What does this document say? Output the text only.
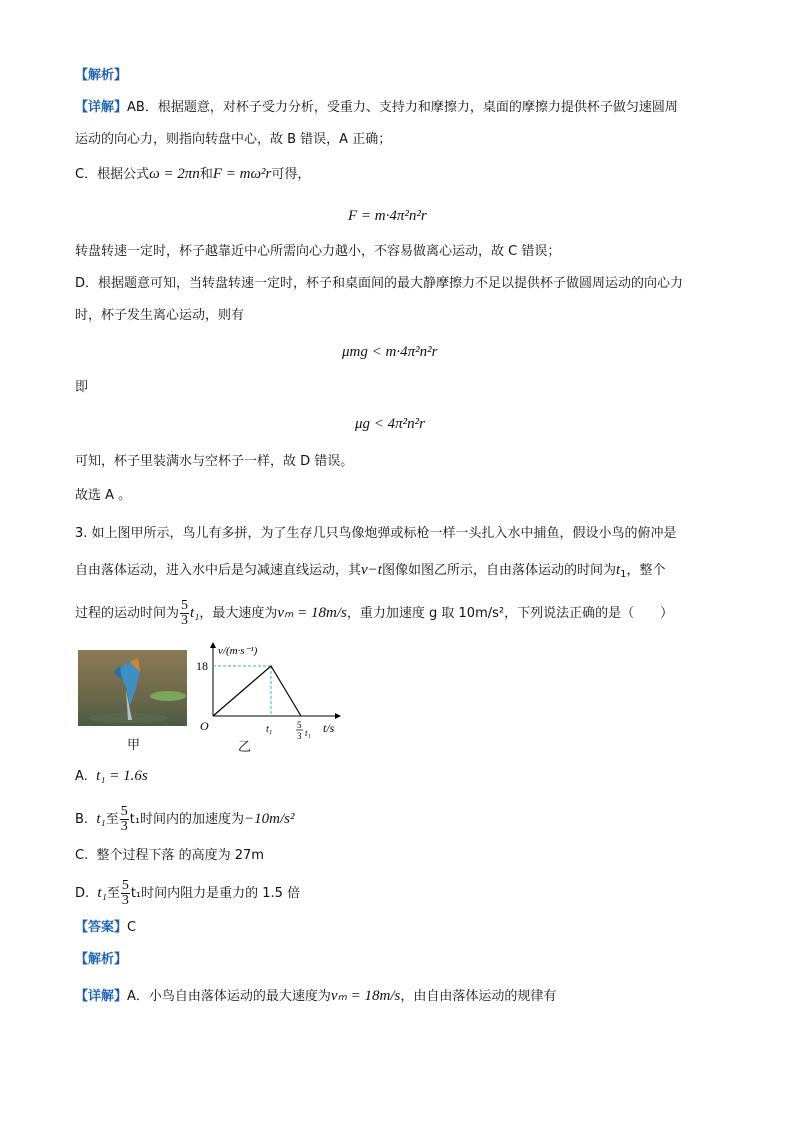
【解析】
【详解】AB．根据题意，对杯子受力分析，受重力、支持力和摩擦力，桌面的摩擦力提供杯子做匀速圆周
运动的向心力，则指向转盘中心，故 B 错误，A 正确；
C．根据公式ω = 2πn和F = mω²r可得，
F = m·4π²n²r
转盘转速一定时，杯子越靠近中心所需向心力越小，不容易做离心运动，故 C 错误；
D．根据题意可知，当转盘转速一定时，杯子和桌面间的最大静摩擦力不足以提供杯子做圆周运动的向心力
时，杯子发生离心运动，则有
μmg < m·4π²n²r
即
μg < 4π²n²r
可知，杯子里装满水与空杯子一样，故 D 错误。
故选 A 。
3. 如上图甲所示，鸟儿有多拼，为了生存几只鸟像炮弹或标枪一样一头扎入水中捕鱼，假设小鸟的俯冲是
自由落体运动，进入水中后是匀减速直线运动，其v−t图像如图乙所示，自由落体运动的时间为$t_1$，整个
过程的运动时间为 $\frac{5}{3} t_1$，最大速度为vₘ = 18m/s，重力加速度 g 取 10m/s²，下列说法正确的是（　　）
甲
v/(m·s⁻¹)
t/s
O
18
t₁	5
3 t₁
乙
A. t₁ = 1.6s
B. t₁至 $\frac{5}{3} t_1$时间内的加速度为−10m/s²
C. 整个过程下落 的高度为 27m
D. t₁至 $\frac{5}{3} t_1$时间内阻力是重力的 1.5 倍
【答案】C
【解析】
【详解】A．小鸟自由落体运动的最大速度为vₘ = 18m/s，由自由落体运动的规律有
